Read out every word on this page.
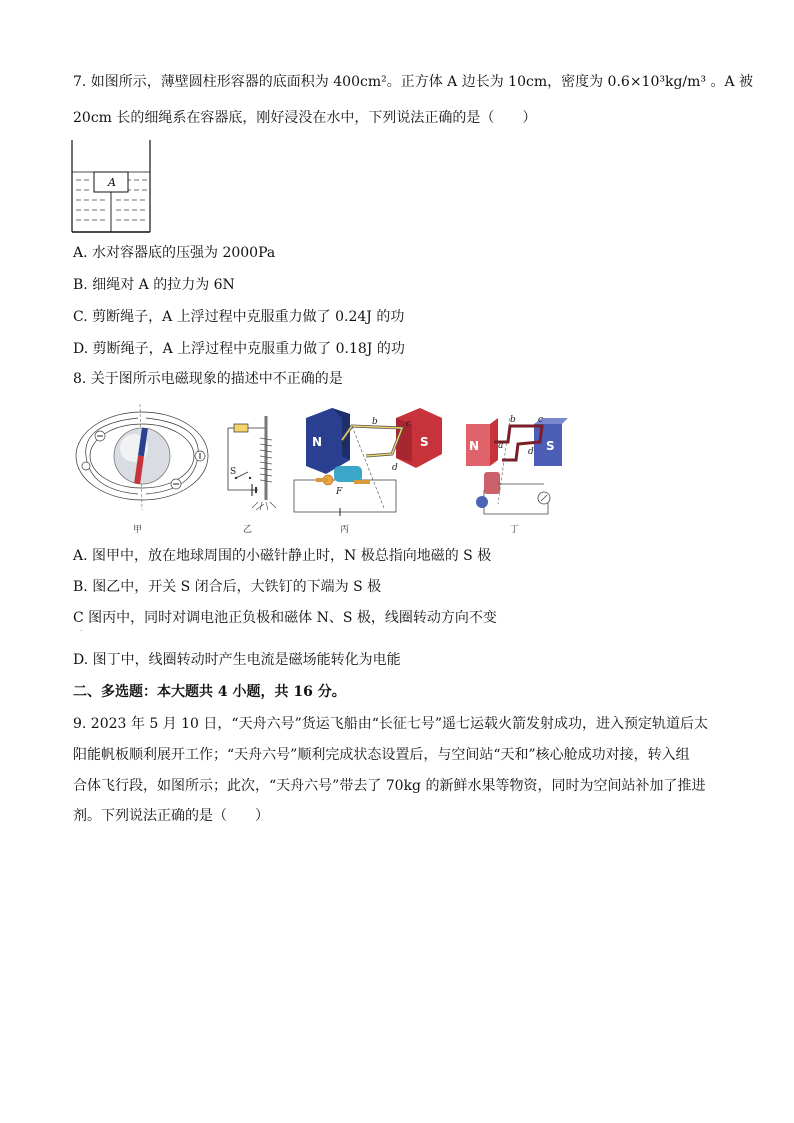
7. 如图所示，薄壁圆柱形容器的底面积为 400cm²。正方体 A 边长为 10cm，密度为 0.6×10³kg/m³ 。A 被
20cm 长的细绳系在容器底，刚好浸没在水中，下列说法正确的是（　　）
A
A. 水对容器底的压强为 2000Pa
B. 细绳对 A 的拉力为 6N
C. 剪断绳子，A 上浮过程中克服重力做了 0.24J 的功
D. 剪断绳子，A 上浮过程中克服重力做了 0.18J 的功
8. 关于图所示电磁现象的描述中不正确的是
甲
S
乙
N	S
a
b	c
d
F
丙
N	S
a
b c
d
丁
A. 图甲中，放在地球周围的小磁针静止时，N 极总指向地磁的 S 极
B. 图乙中，开关 S 闭合后，大铁钉的下端为 S 极
C 图丙中，同时对调电池正负极和磁体 N、S 极，线圈转动方向不变
·
D. 图丁中，线圈转动时产生电流是磁场能转化为电能
二、多选题：本大题共 4 小题，共 16 分。
9. 2023 年 5 月 10 日，“天舟六号”货运飞船由“长征七号”遥七运载火箭发射成功，进入预定轨道后太
阳能帆板顺利展开工作；“天舟六号”顺利完成状态设置后，与空间站“天和”核心舱成功对接，转入组
合体飞行段，如图所示；此次，“天舟六号”带去了 70kg 的新鲜水果等物资，同时为空间站补加了推进
剂。下列说法正确的是（　　）
